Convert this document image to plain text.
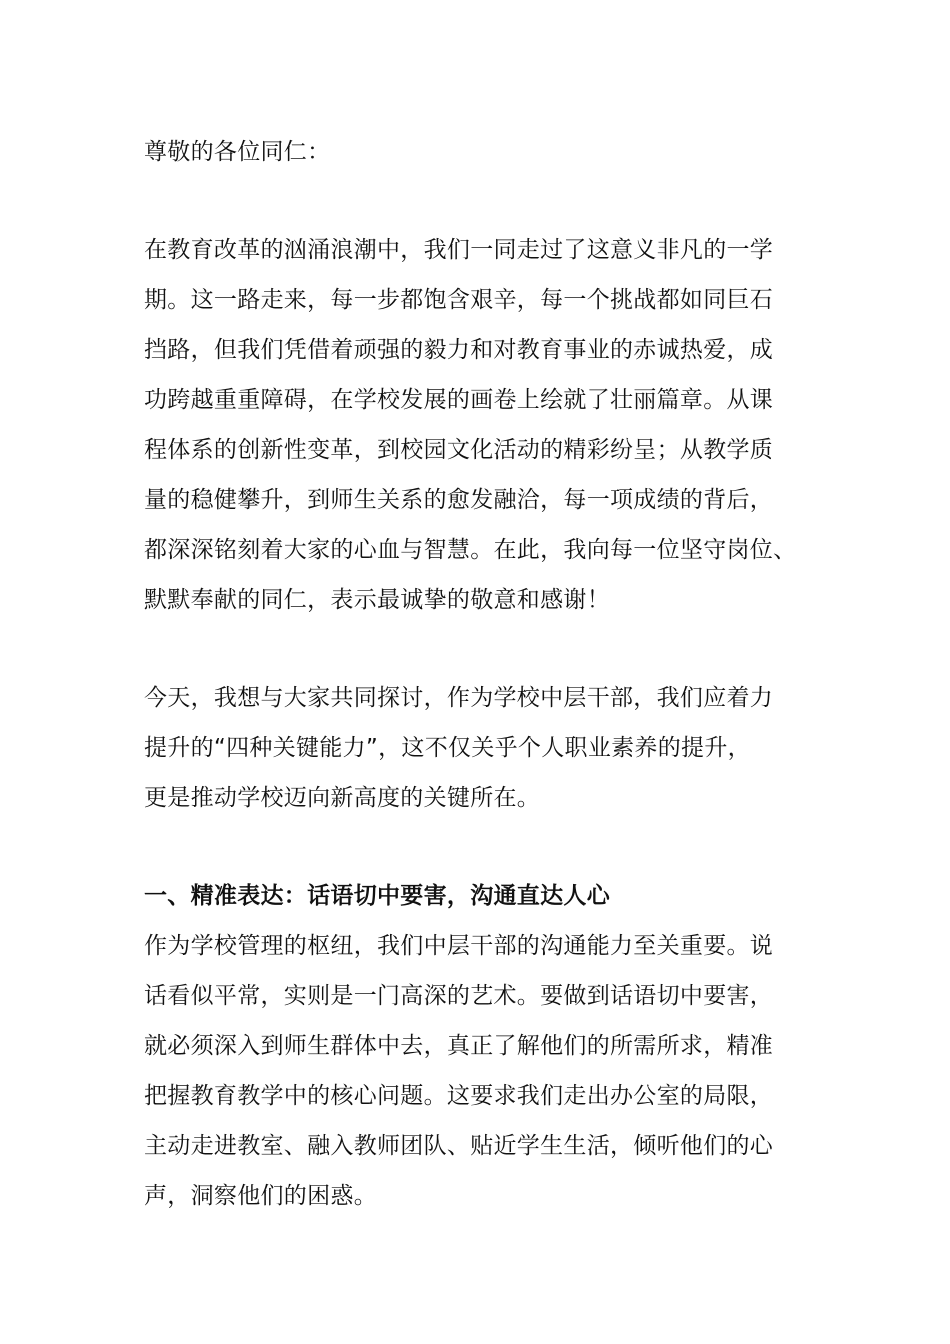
尊敬的各位同仁：
在教育改革的汹涌浪潮中，我们一同走过了这意义非凡的一学
期。这一路走来，每一步都饱含艰辛，每一个挑战都如同巨石
挡路，但我们凭借着顽强的毅力和对教育事业的赤诚热爱，成
功跨越重重障碍，在学校发展的画卷上绘就了壮丽篇章。从课
程体系的创新性变革，到校园文化活动的精彩纷呈；从教学质
量的稳健攀升，到师生关系的愈发融洽，每一项成绩的背后，
都深深铭刻着大家的心血与智慧。在此，我向每一位坚守岗位、
默默奉献的同仁，表示最诚挚的敬意和感谢！
今天，我想与大家共同探讨，作为学校中层干部，我们应着力
提升的“四种关键能力”，这不仅关乎个人职业素养的提升，
更是推动学校迈向新高度的关键所在。
一、精准表达：话语切中要害，沟通直达人心
作为学校管理的枢纽，我们中层干部的沟通能力至关重要。说
话看似平常，实则是一门高深的艺术。要做到话语切中要害，
就必须深入到师生群体中去，真正了解他们的所需所求，精准
把握教育教学中的核心问题。这要求我们走出办公室的局限，
主动走进教室、融入教师团队、贴近学生生活，倾听他们的心
声，洞察他们的困惑。
